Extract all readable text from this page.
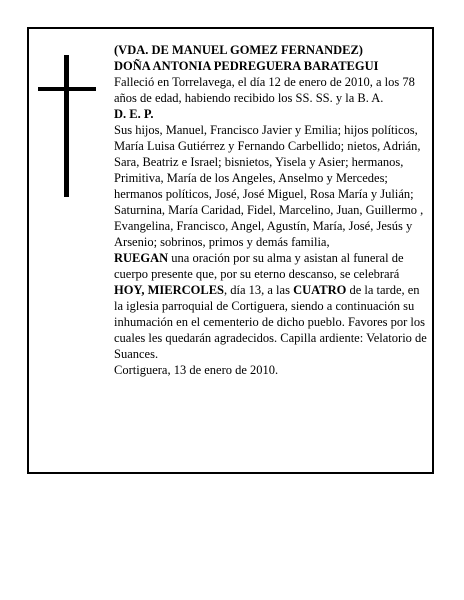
(VDA. DE MANUEL GOMEZ FERNANDEZ)

DOÑA ANTONIA PEDREGUERA BARATEGUI

Falleció en Torrelavega, el día 12 de enero de 2010, a los 78 años de edad, habiendo recibido los SS. SS. y la B. A.

D. E. P.

Sus hijos, Manuel, Francisco Javier y Emilia; hijos políticos, María Luisa Gutiérrez y Fernando Carbellido; nietos, Adrián, Sara, Beatriz e Israel; bisnietos, Yisela y Asier; hermanos, Primitiva, María de los Angeles, Anselmo y Mercedes; hermanos políticos, José, José Miguel, Rosa María y Julián; Saturnina, María Caridad, Fidel, Marcelino, Juan, Guillermo , Evangelina, Francisco, Angel, Agustín, María, José, Jesús y Arsenio; sobrinos, primos y demás familia,

RUEGAN una oración por su alma y asistan al funeral de cuerpo presente que, por su eterno descanso, se celebrará HOY, MIERCOLES, día 13, a las CUATRO de la tarde, en la iglesia parroquial de Cortiguera, siendo a continuación su inhumación en el cementerio de dicho pueblo. Favores por los cuales les quedarán agradecidos. Capilla ardiente: Velatorio de Suances.

Cortiguera, 13 de enero de 2010.
